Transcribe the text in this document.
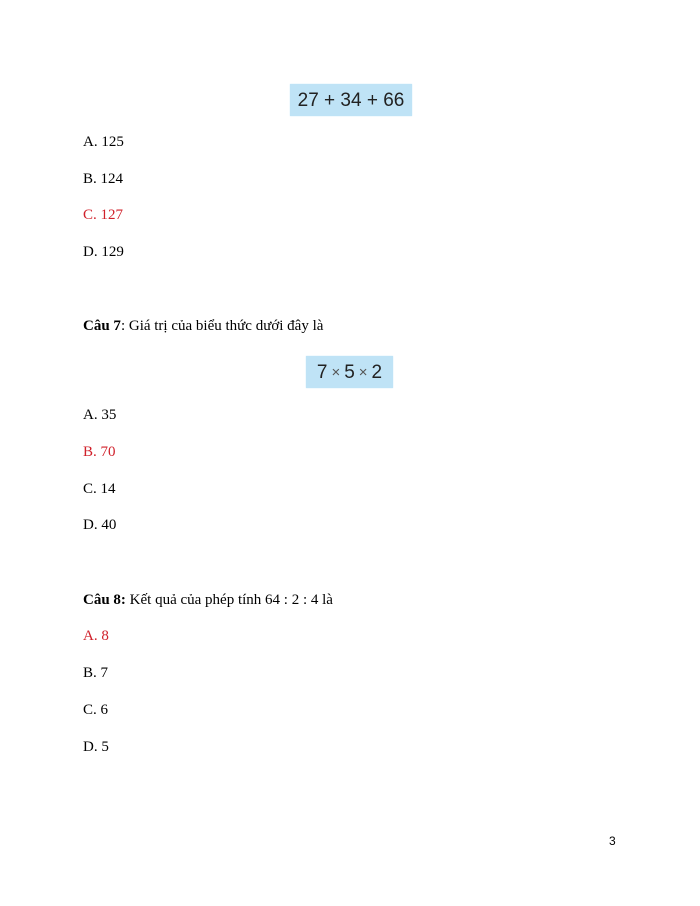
27 + 34 + 66
A. 125
B. 124
C. 127
D. 129
Câu 7: Giá trị của biểu thức dưới đây là
7 × 5 × 2
A. 35
B. 70
C. 14
D. 40
Câu 8: Kết quả của phép tính 64 : 2 : 4 là
A. 8
B. 7
C. 6
D. 5
3
